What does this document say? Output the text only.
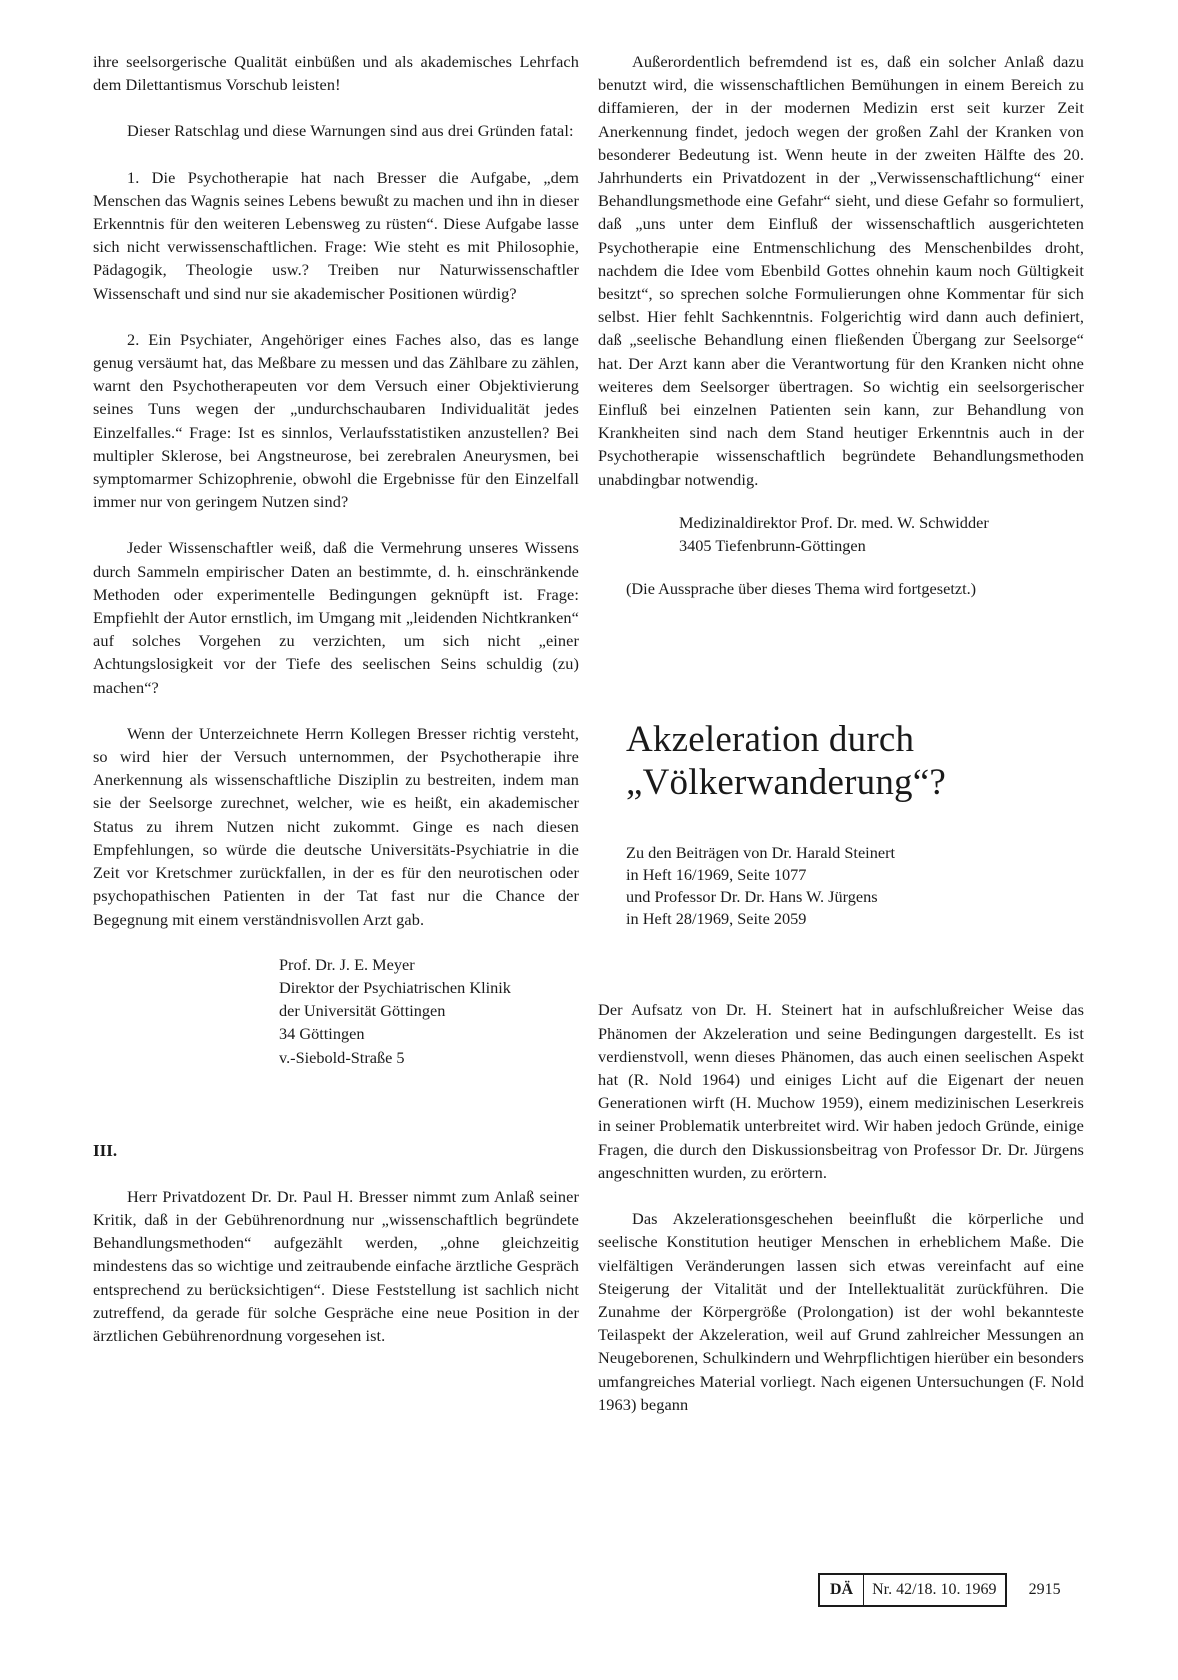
ihre seelsorgerische Qualität einbüßen und als akademisches Lehrfach dem Dilettantismus Vorschub leisten!

Dieser Ratschlag und diese Warnungen sind aus drei Gründen fatal:

1. Die Psychotherapie hat nach Bresser die Aufgabe, „dem Menschen das Wagnis seines Lebens bewußt zu machen und ihn in dieser Erkenntnis für den weiteren Lebensweg zu rüsten“. Diese Aufgabe lasse sich nicht verwissenschaftlichen. Frage: Wie steht es mit Philosophie, Pädagogik, Theologie usw.? Treiben nur Naturwissenschaftler Wissenschaft und sind nur sie akademischer Positionen würdig?

2. Ein Psychiater, Angehöriger eines Faches also, das es lange genug versäumt hat, das Meßbare zu messen und das Zählbare zu zählen, warnt den Psychotherapeuten vor dem Versuch einer Objektivierung seines Tuns wegen der „undurchschaubaren Individualität jedes Einzelfalles.“ Frage: Ist es sinnlos, Verlaufsstatistiken anzustellen? Bei multipler Sklerose, bei Angstneurose, bei zerebralen Aneurysmen, bei symptomarmer Schizophrenie, obwohl die Ergebnisse für den Einzelfall immer nur von geringem Nutzen sind?

Jeder Wissenschaftler weiß, daß die Vermehrung unseres Wissens durch Sammeln empirischer Daten an bestimmte, d. h. einschränkende Methoden oder experimentelle Bedingungen geknüpft ist. Frage: Empfiehlt der Autor ernstlich, im Umgang mit „leidenden Nichtkranken“ auf solches Vorgehen zu verzichten, um sich nicht „einer Achtungslosigkeit vor der Tiefe des seelischen Seins schuldig (zu) machen“?

Wenn der Unterzeichnete Herrn Kollegen Bresser richtig versteht, so wird hier der Versuch unternommen, der Psychotherapie ihre Anerkennung als wissenschaftliche Disziplin zu bestreiten, indem man sie der Seelsorge zurechnet, welcher, wie es heißt, ein akademischer Status zu ihrem Nutzen nicht zukommt. Ginge es nach diesen Empfehlungen, so würde die deutsche Universitäts-Psychiatrie in die Zeit vor Kretschmer zurückfallen, in der es für den neurotischen oder psychopathischen Patienten in der Tat fast nur die Chance der Begegnung mit einem verständnisvollen Arzt gab.

Prof. Dr. J. E. Meyer
Direktor der Psychiatrischen Klinik
der Universität Göttingen
34 Göttingen
v.-Siebold-Straße 5
III.

Herr Privatdozent Dr. Dr. Paul H. Bresser nimmt zum Anlaß seiner Kritik, daß in der Gebührenordnung nur „wissenschaftlich begründete Behandlungsmethoden“ aufgezählt werden, „ohne gleichzeitig mindestens das so wichtige und zeitraubende einfache ärztliche Gespräch entsprechend zu berücksichtigen“. Diese Feststellung ist sachlich nicht zutreffend, da gerade für solche Gespräche eine neue Position in der ärztlichen Gebührenordnung vorgesehen ist.

Außerordentlich befremdend ist es, daß ein solcher Anlaß dazu benutzt wird, die wissenschaftlichen Bemühungen in einem Bereich zu diffamieren, der in der modernen Medizin erst seit kurzer Zeit Anerkennung findet, jedoch wegen der großen Zahl der Kranken von besonderer Bedeutung ist. Wenn heute in der zweiten Hälfte des 20. Jahrhunderts ein Privatdozent in der „Verwissenschaftlichung“ einer Behandlungsmethode eine Gefahr“ sieht, und diese Gefahr so formuliert, daß „uns unter dem Einfluß der wissenschaftlich ausgerichteten Psychotherapie eine Entmenschlichung des Menschenbildes droht, nachdem die Idee vom Ebenbild Gottes ohnehin kaum noch Gültigkeit besitzt“, so sprechen solche Formulierungen ohne Kommentar für sich selbst. Hier fehlt Sachkenntnis. Folgerichtig wird dann auch definiert, daß „seelische Behandlung einen fließenden Übergang zur Seelsorge“ hat. Der Arzt kann aber die Verantwortung für den Kranken nicht ohne weiteres dem Seelsorger übertragen. So wichtig ein seelsorgerischer Einfluß bei einzelnen Patienten sein kann, zur Behandlung von Krankheiten sind nach dem Stand heutiger Erkenntnis auch in der Psychotherapie wissenschaftlich begründete Behandlungsmethoden unabdingbar notwendig.

Medizinaldirektor Prof. Dr. med. W. Schwidder
3405 Tiefenbrunn-Göttingen
(Die Aussprache über dieses Thema wird fortgesetzt.)
Akzeleration durch
„Völkerwanderung“?
Zu den Beiträgen von Dr. Harald Steinert
in Heft 16/1969, Seite 1077
und Professor Dr. Dr. Hans W. Jürgens
in Heft 28/1969, Seite 2059

Der Aufsatz von Dr. H. Steinert hat in aufschlußreicher Weise das Phänomen der Akzeleration und seine Bedingungen dargestellt. Es ist verdienstvoll, wenn dieses Phänomen, das auch einen seelischen Aspekt hat (R. Nold 1964) und einiges Licht auf die Eigenart der neuen Generationen wirft (H. Muchow 1959), einem medizinischen Leserkreis in seiner Problematik unterbreitet wird. Wir haben jedoch Gründe, einige Fragen, die durch den Diskussionsbeitrag von Professor Dr. Dr. Jürgens angeschnitten wurden, zu erörtern.

Das Akzelerationsgeschehen beeinflußt die körperliche und seelische Konstitution heutiger Menschen in erheblichem Maße. Die vielfältigen Veränderungen lassen sich etwas vereinfacht auf eine Steigerung der Vitalität und der Intellektualität zurückführen. Die Zunahme der Körpergröße (Prolongation) ist der wohl bekannteste Teilaspekt der Akzeleration, weil auf Grund zahlreicher Messungen an Neugeborenen, Schulkindern und Wehrpflichtigen hierüber ein besonders umfangreiches Material vorliegt. Nach eigenen Untersuchungen (F. Nold 1963) begann

DÄ	Nr. 42/18. 10. 1969	2915
